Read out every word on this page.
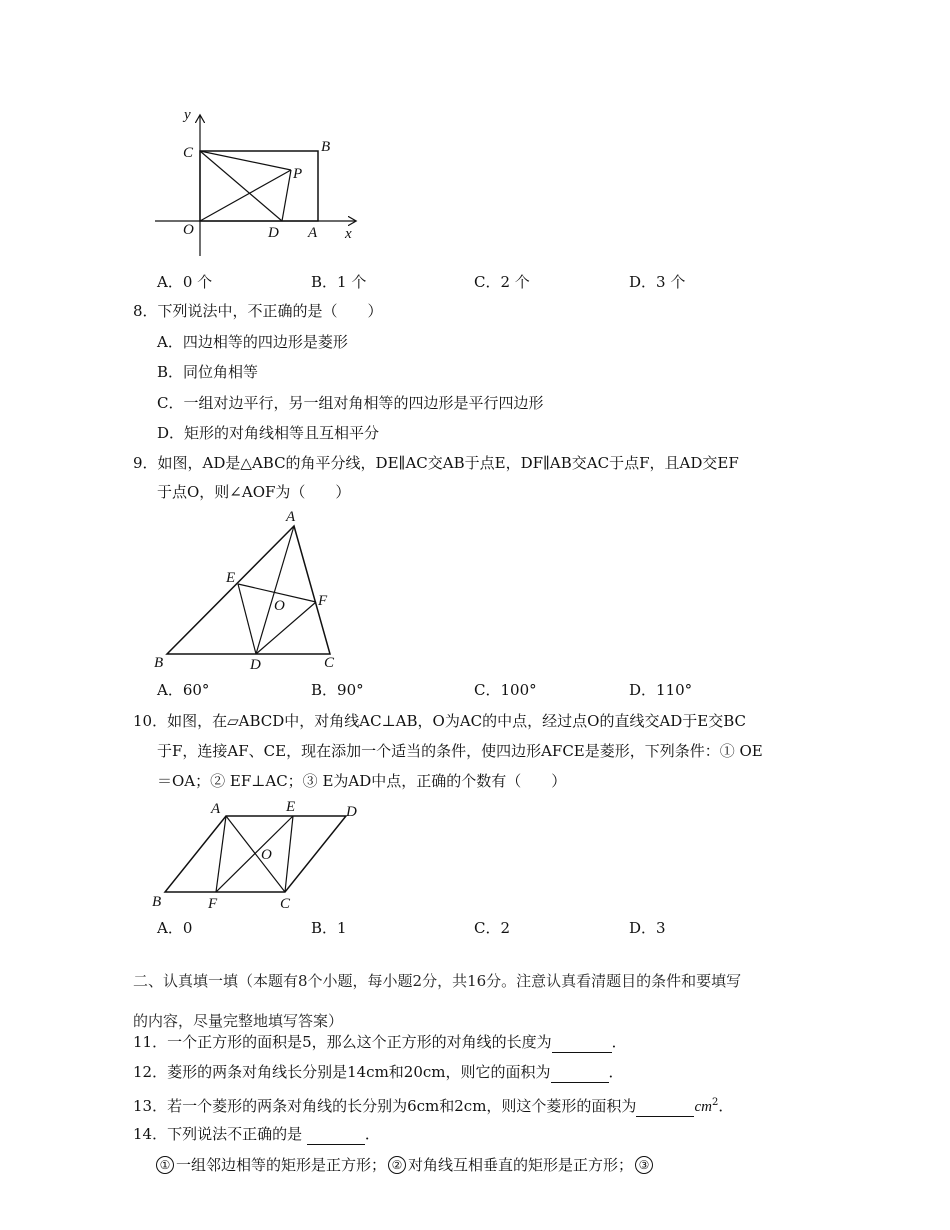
y
x
C	B
P
O	D A
A．0 个	B．1 个	C．2 个	D．3 个
8．下列说法中，不正确的是（　　）
A．四边相等的四边形是菱形
B．同位角相等
C．一组对边平行，另一组对角相等的四边形是平行四边形
D．矩形的对角线相等且互相平分
9．如图，AD是△ABC的角平分线，DE∥AC交AB于点E，DF∥AB交AC于点F，且AD交EF
于点O，则∠AOF为（　　）
A
E
O F
B	D	C
A．60°	B．90°	C．100°	D．110°
10．如图，在▱ABCD中，对角线AC⊥AB，O为AC的中点，经过点O的直线交AD于E交BC
于F，连接AF、CE，现在添加一个适当的条件，使四边形AFCE是菱形，下列条件：① OE
＝OA；② EF⊥AC；③ E为AD中点，正确的个数有（　　）
A	E	D
O
B	F	C
A．0	B．1	C．2	D．3
二、认真填一填（本题有8个小题，每小题2分，共16分。注意认真看清题目的条件和要填写
的内容，尽量完整地填写答案）
11．一个正方形的面积是5，那么这个正方形的对角线的长度为	．
12．菱形的两条对角线长分别是14cm和20cm，则它的面积为	．
13．若一个菱形的两条对角线的长分别为6cm和2cm，则这个菱形的面积为	$cm^2$．
14．下列说法不正确的是	．
① 一组邻边相等的矩形是正方形； ② 对角线互相垂直的矩形是正方形； ③
